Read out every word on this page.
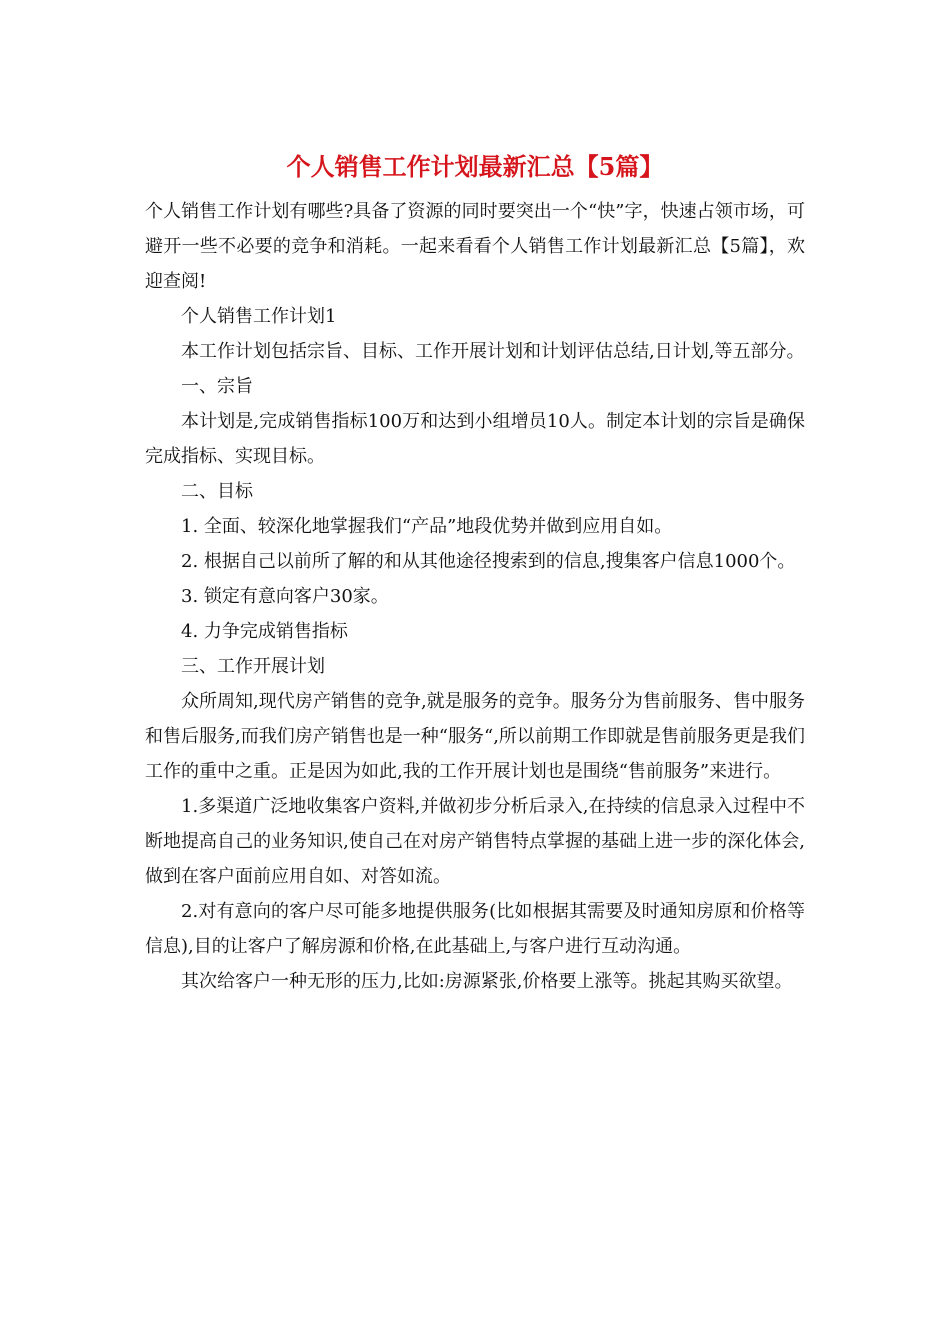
个人销售工作计划最新汇总【5篇】

个人销售工作计划有哪些?具备了资源的同时要突出一个“快”字，快速占领市场，可避开一些不必要的竞争和消耗。一起来看看个人销售工作计划最新汇总【5篇】，欢迎查阅!

个人销售工作计划1

本工作计划包括宗旨、目标、工作开展计划和计划评估总结,日计划,等五部分。

一、宗旨

本计划是,完成销售指标100万和达到小组增员10人。制定本计划的宗旨是确保完成指标、实现目标。

二、目标

1. 全面、较深化地掌握我们“产品”地段优势并做到应用自如。

2. 根据自己以前所了解的和从其他途径搜索到的信息,搜集客户信息1000个。

3. 锁定有意向客户30家。

4. 力争完成销售指标

三、工作开展计划

众所周知,现代房产销售的竞争,就是服务的竞争。服务分为售前服务、售中服务和售后服务,而我们房产销售也是一种“服务“,所以前期工作即就是售前服务更是我们工作的重中之重。正是因为如此,我的工作开展计划也是围绕“售前服务”来进行。

1.多渠道广泛地收集客户资料,并做初步分析后录入,在持续的信息录入过程中不断地提高自己的业务知识,使自己在对房产销售特点掌握的基础上进一步的深化体会,做到在客户面前应用自如、对答如流。

2.对有意向的客户尽可能多地提供服务(比如根据其需要及时通知房原和价格等信息),目的让客户了解房源和价格,在此基础上,与客户进行互动沟通。

其次给客户一种无形的压力,比如:房源紧张,价格要上涨等。挑起其购买欲望。
